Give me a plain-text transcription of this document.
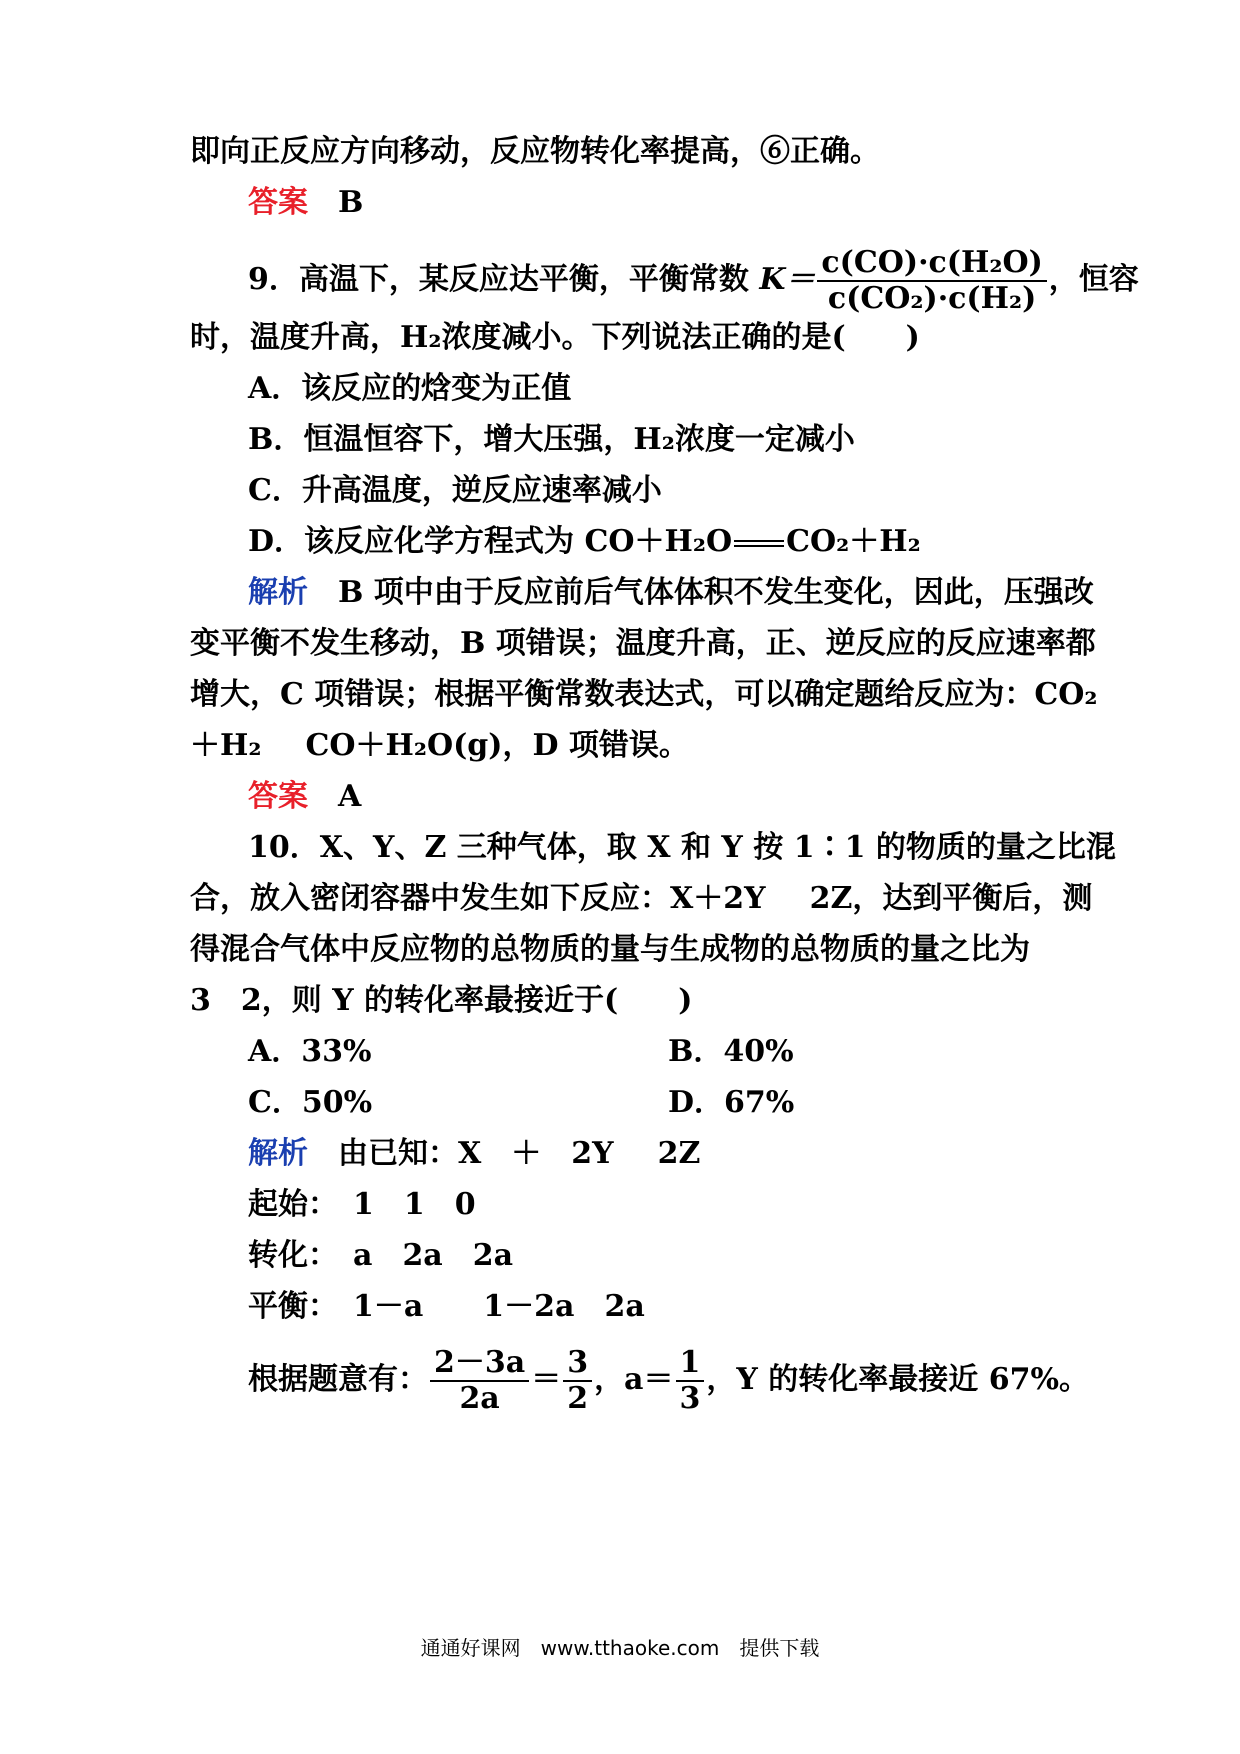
即向正反应方向移动，反应物转化率提高，⑥正确。
答案 B
9．高温下，某反应达平衡，平衡常数 $K= \frac{\text{c(CO)·c(H₂O)}}{\text{c(CO₂)·c(H₂)}}$ ，恒容
时，温度升高，H₂浓度减小。下列说法正确的是(　　)
A．该反应的焓变为正值
B．恒温恒容下，增大压强，H₂浓度一定减小
C．升高温度，逆反应速率减小
D．该反应化学方程式为 CO＋H₂O CO₂＋H₂
解析 B 项中由于反应前后气体体积不发生变化，因此，压强改
变平衡不发生移动，B 项错误；温度升高，正、逆反应的反应速率都
增大，C 项错误；根据平衡常数表达式，可以确定题给反应为：CO₂
＋H₂ CO＋H₂O(g)，D 项错误。
答案 A
10．X、Y、Z 三种气体，取 X 和 Y 按 1∶1 的物质的量之比混
合，放入密闭容器中发生如下反应：X＋2Y 2Z，达到平衡后，测
得混合气体中反应物的总物质的量与生成物的总物质的量之比为
3　2，则 Y 的转化率最接近于(　　)
A．33%	B．40%
C．50%	D．67%
解析 由已知：X　＋　2Y 2Z
起始：　1　1　0
转化：　a　2a　2a
平衡：　1－a　　1－2a　2a
根据题意有： $\frac{2-3a}{2a} = \frac{3}{2}$ ，$a= \frac{1}{3}$ ，Y 的转化率最接近 67%。
通通好课网　www.tthaoke.com　提供下载
